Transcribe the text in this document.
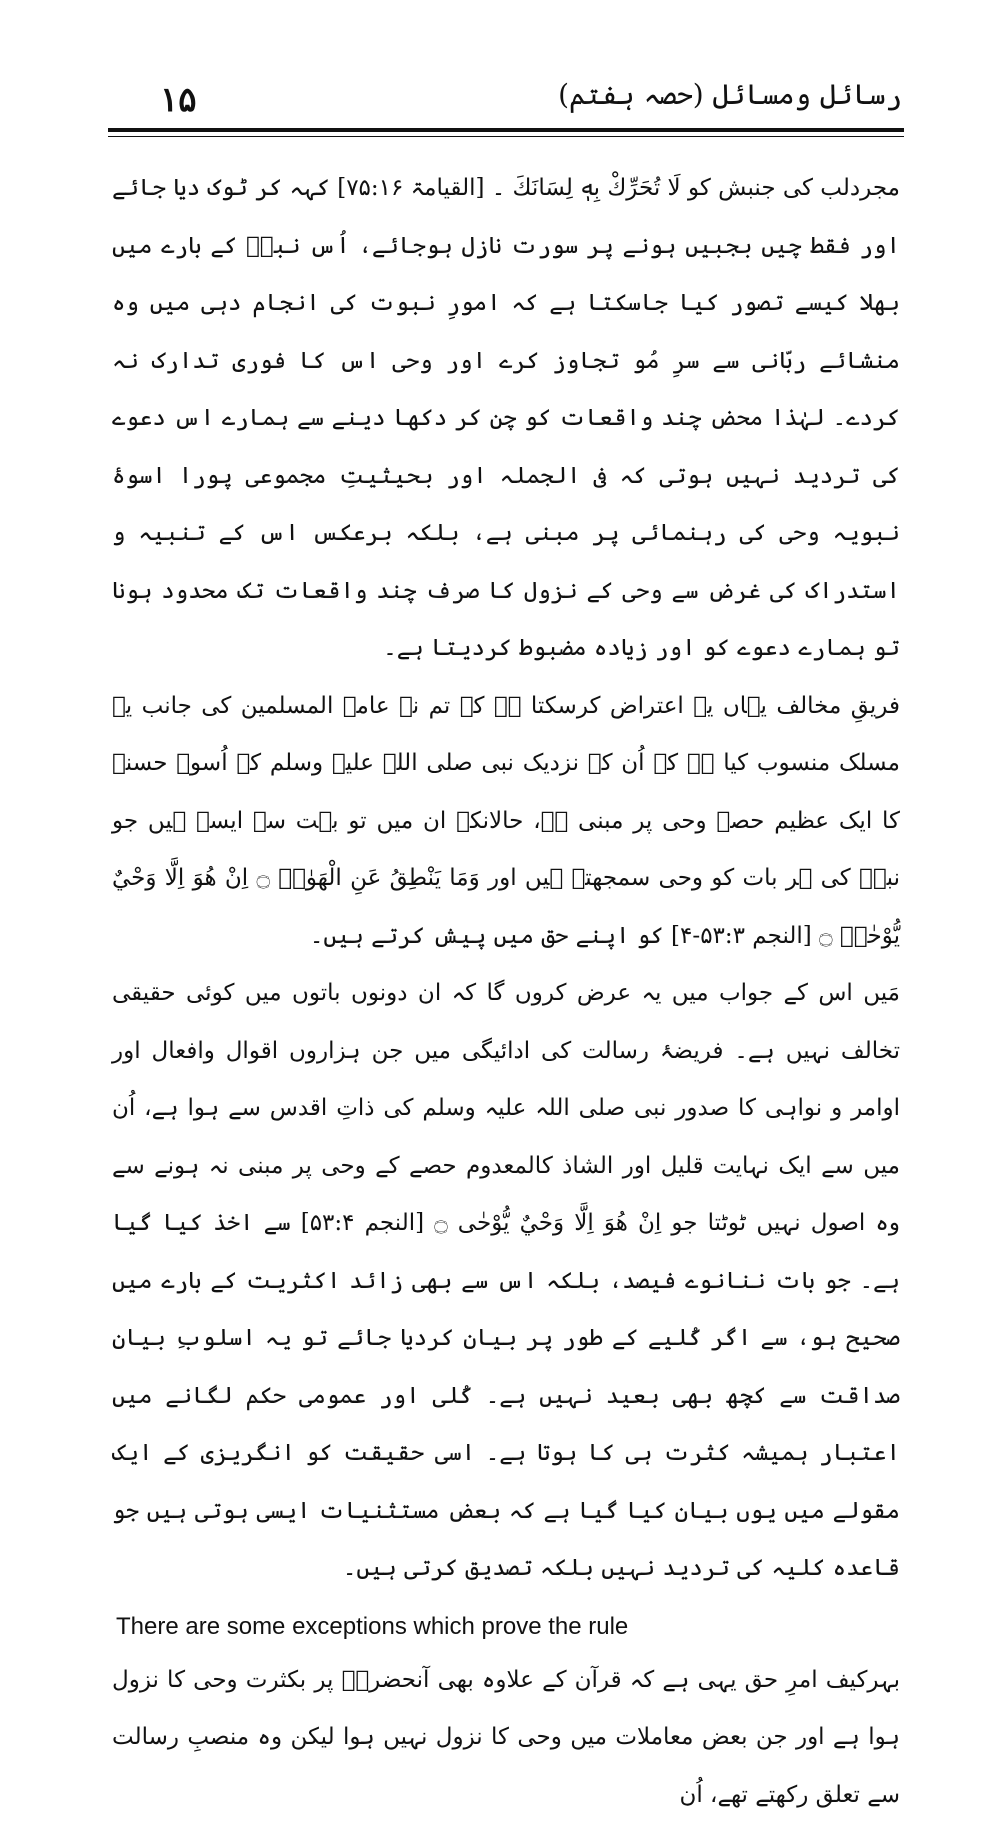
۱۵	رسائل ومسائل (حصہ ہفتم)

مجردلب کی جنبش کو لَا تُحَرِّكْ بِهٖ لِسَانَكَ ۔ [القیامۃ ۷۵:۱۶] کہہ کر ٹوک دیا جائے اور فقط چیں بجبیں ہونے پر سورت نازل ہوجائے، اُس نبیؐ کے بارے میں بھلا کیسے تصور کیا جاسکتا ہے کہ امورِ نبوت کی انجام دہی میں وہ منشائے ربّانی سے سرِ مُو تجاوز کرے اور وحی اس کا فوری تدارک نہ کردے۔ لہٰذا محض چند واقعات کو چن کر دکھا دینے سے ہمارے اس دعوے کی تردید نہیں ہوتی کہ فی الجملہ اور بحیثیتِ مجموعی پورا اسوۂ نبویہ وحی کی رہنمائی پر مبنی ہے، بلکہ برعکس اس کے تنبیہ و استدراک کی غرض سے وحی کے نزول کا صرف چند واقعات تک محدود ہونا تو ہمارے دعوے کو اور زیادہ مضبوط کردیتا ہے۔

فریقِ مخالف یہاں یہ اعتراض کرسکتا ہے کہ تم نے عامۃ المسلمین کی جانب یہ مسلک منسوب کیا ہے کہ اُن کے نزدیک نبی صلی اللہ علیہ وسلم کے اُسوۂ حسنہ کا ایک عظیم حصہ وحی پر مبنی ہے، حالانکہ ان میں تو بہت سے ایسے ہیں جو نبیؐ کی ہر بات کو وحی سمجھتے ہیں اور وَمَا يَنْطِقُ عَنِ الْهَوٰىۗ ۝ اِنْ هُوَ اِلَّا وَحْيٌ يُّوْحٰىۙ ۝ [النجم ۵۳:۳-۴] کو اپنے حق میں پیش کرتے ہیں۔

مَیں اس کے جواب میں یہ عرض کروں گا کہ ان دونوں باتوں میں کوئی حقیقی تخالف نہیں ہے۔ فریضۂ رسالت کی ادائیگی میں جن ہزاروں اقوال وافعال اور اوامر و نواہی کا صدور نبی صلی اللہ علیہ وسلم کی ذاتِ اقدس سے ہوا ہے، اُن میں سے ایک نہایت قلیل اور الشاذ کالمعدوم حصے کے وحی پر مبنی نہ ہونے سے وہ اصول نہیں ٹوٹتا جو اِنْ هُوَ اِلَّا وَحْيٌ يُّوْحٰى ۝ [النجم ۵۳:۴] سے اخذ کیا گیا ہے۔ جو بات ننانوے فیصد، بلکہ اس سے بھی زائد اکثریت کے بارے میں صحیح ہو، سے اگر کُلیے کے طور پر بیان کردیا جائے تو یہ اسلوبِ بیان صداقت سے کچھ بھی بعید نہیں ہے۔ کُلی اور عمومی حکم لگانے میں اعتبار ہمیشہ کثرت ہی کا ہوتا ہے۔ اسی حقیقت کو انگریزی کے ایک مقولے میں یوں بیان کیا گیا ہے کہ بعض مستثنیات ایسی ہوتی ہیں جو قاعدہ کلیہ کی تردید نہیں بلکہ تصدیق کرتی ہیں۔

There are some exceptions which prove the rule

بہرکیف امرِ حق یہی ہے کہ قرآن کے علاوہ بھی آنحضرتؐ پر بکثرت وحی کا نزول ہوا ہے اور جن بعض معاملات میں وحی کا نزول نہیں ہوا لیکن وہ منصبِ رسالت سے تعلق رکھتے تھے، اُن
